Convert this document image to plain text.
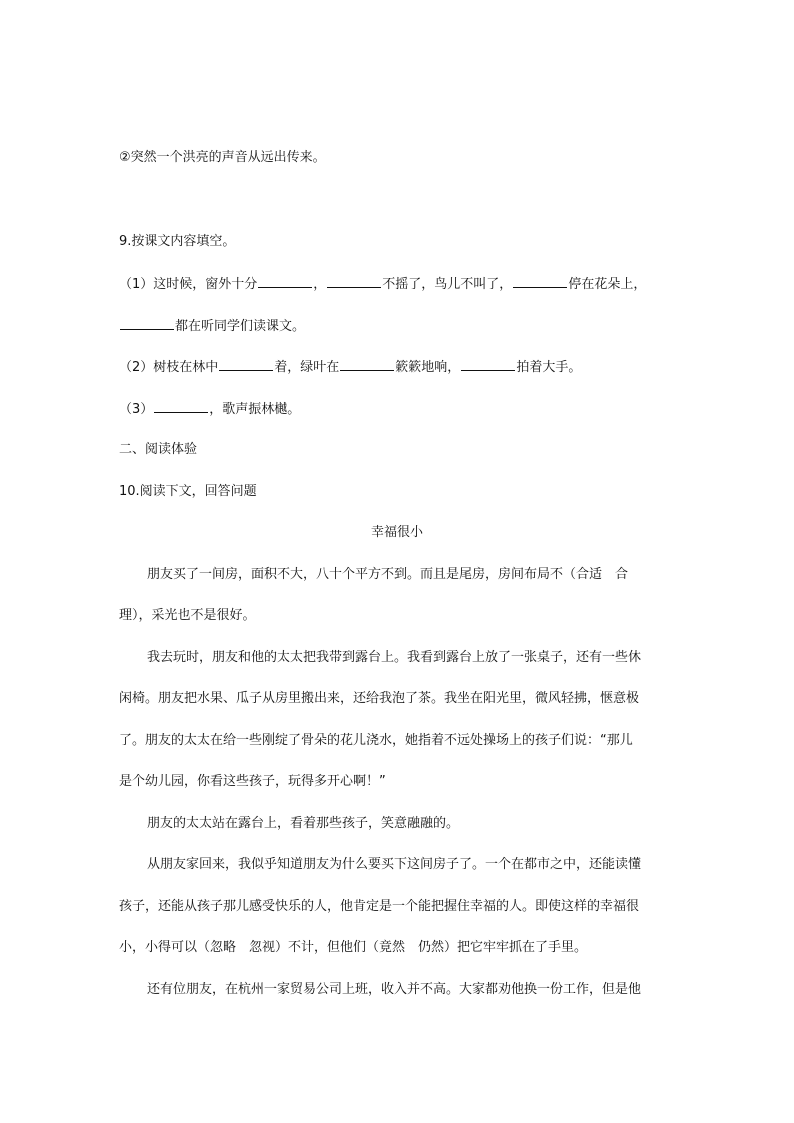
②突然一个洪亮的声音从远出传来。
9.按课文内容填空。
（1）这时候，窗外十分	，	不摇了，鸟儿不叫了，	停在花朵上，
都在听同学们读课文。
（2）树枝在林中	着，绿叶在	簌簌地响，	拍着大手。
（3）	，歌声振林樾。
二、阅读体验
10.阅读下文，回答问题
幸福很小
朋友买了一间房，面积不大，八十个平方不到。而且是尾房，房间布局不（合适　合
理），采光也不是很好。
我去玩时，朋友和他的太太把我带到露台上。我看到露台上放了一张桌子，还有一些休
闲椅。朋友把水果、瓜子从房里搬出来，还给我泡了茶。我坐在阳光里，微风轻拂，惬意极
了。朋友的太太在给一些刚绽了骨朵的花儿浇水，她指着不远处操场上的孩子们说：“那儿
是个幼儿园，你看这些孩子，玩得多开心啊！”
朋友的太太站在露台上，看着那些孩子，笑意融融的。
从朋友家回来，我似乎知道朋友为什么要买下这间房子了。一个在都市之中，还能读懂
孩子，还能从孩子那儿感受快乐的人，他肯定是一个能把握住幸福的人。即使这样的幸福很
小，小得可以（忽略　忽视）不计，但他们（竟然　仍然）把它牢牢抓在了手里。
还有位朋友，在杭州一家贸易公司上班，收入并不高。大家都劝他换一份工作，但是他
